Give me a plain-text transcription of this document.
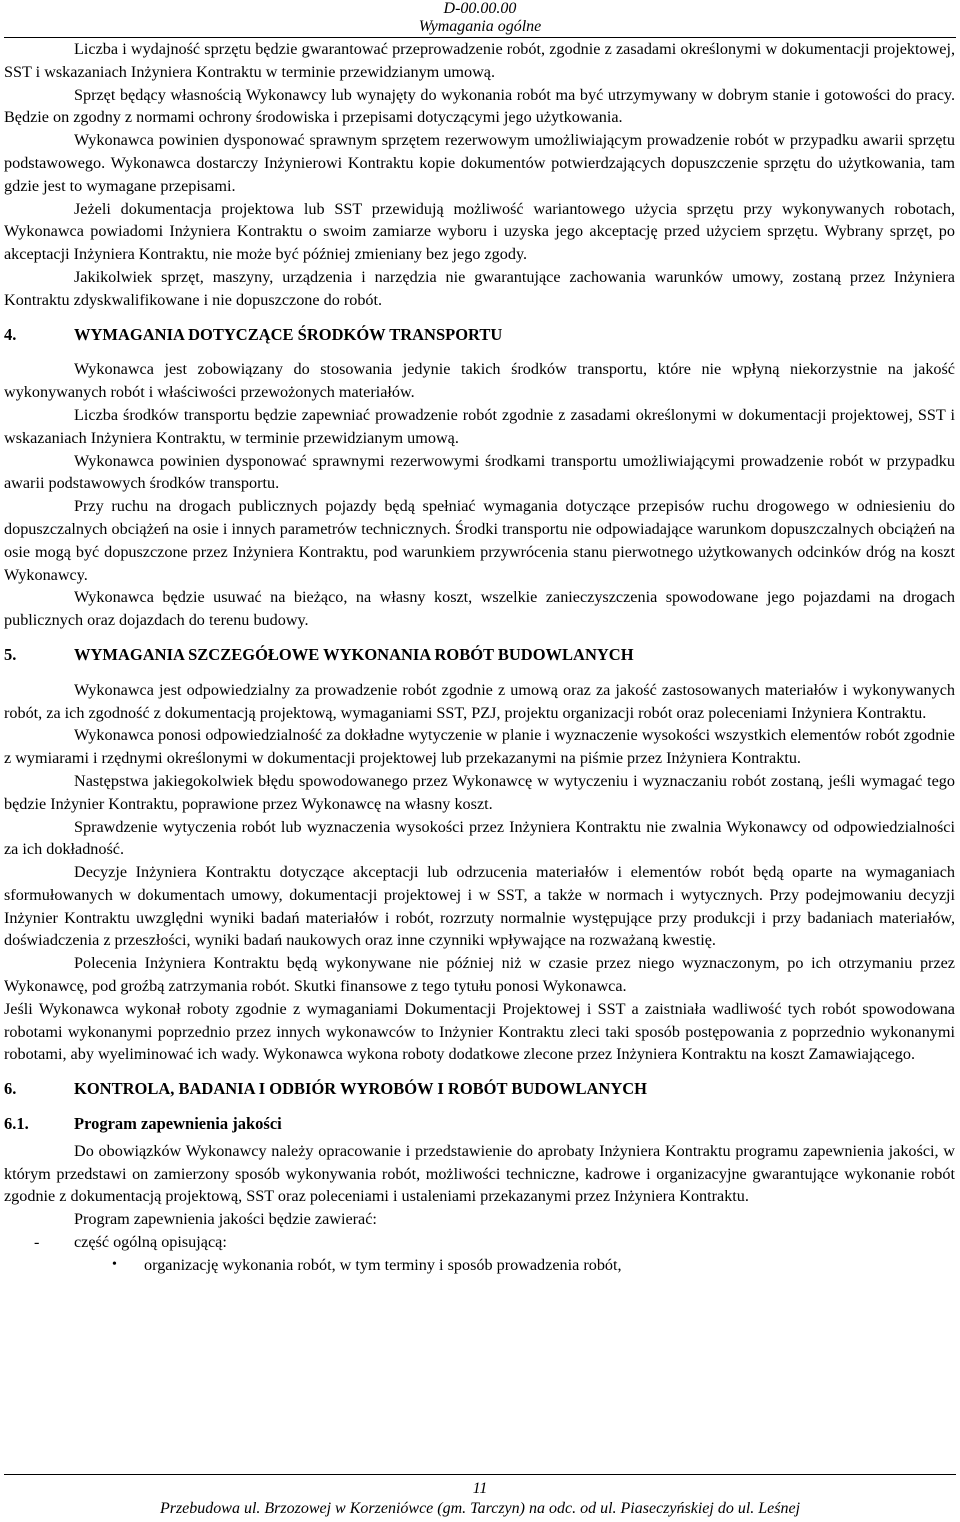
D-00.00.00
Wymagania ogólne

Liczba i wydajność sprzętu będzie gwarantować przeprowadzenie robót, zgodnie z zasadami określonymi w dokumentacji projektowej, SST i wskazaniach Inżyniera Kontraktu w terminie przewidzianym umową.

Sprzęt będący własnością Wykonawcy lub wynajęty do wykonania robót ma być utrzymywany w dobrym stanie i gotowości do pracy. Będzie on zgodny z normami ochrony środowiska i przepisami dotyczącymi jego użytkowania.

Wykonawca powinien dysponować sprawnym sprzętem rezerwowym umożliwiającym prowadzenie robót w przypadku awarii sprzętu podstawowego. Wykonawca dostarczy Inżynierowi Kontraktu kopie dokumentów potwierdzających dopuszczenie sprzętu do użytkowania, tam gdzie jest to wymagane przepisami.

Jeżeli dokumentacja projektowa lub SST przewidują możliwość wariantowego użycia sprzętu przy wykonywanych robotach, Wykonawca powiadomi Inżyniera Kontraktu o swoim zamiarze wyboru i uzyska jego akceptację przed użyciem sprzętu. Wybrany sprzęt, po akceptacji Inżyniera Kontraktu, nie może być później zmieniany bez jego zgody.

Jakikolwiek sprzęt, maszyny, urządzenia i narzędzia nie gwarantujące zachowania warunków umowy, zostaną przez Inżyniera Kontraktu zdyskwalifikowane i nie dopuszczone do robót.

4.	WYMAGANIA DOTYCZĄCE ŚRODKÓW TRANSPORTU

Wykonawca jest zobowiązany do stosowania jedynie takich środków transportu, które nie wpłyną niekorzystnie na jakość wykonywanych robót i właściwości przewożonych materiałów.

Liczba środków transportu będzie zapewniać prowadzenie robót zgodnie z zasadami określonymi w dokumentacji projektowej, SST i wskazaniach Inżyniera Kontraktu, w terminie przewidzianym umową.

Wykonawca powinien dysponować sprawnymi rezerwowymi środkami transportu umożliwiającymi prowadzenie robót w przypadku awarii podstawowych środków transportu.

Przy ruchu na drogach publicznych pojazdy będą spełniać wymagania dotyczące przepisów ruchu drogowego w odniesieniu do dopuszczalnych obciążeń na osie i innych parametrów technicznych. Środki transportu nie odpowiadające warunkom dopuszczalnych obciążeń na osie mogą być dopuszczone przez Inżyniera Kontraktu, pod warunkiem przywrócenia stanu pierwotnego użytkowanych odcinków dróg na koszt Wykonawcy.

Wykonawca będzie usuwać na bieżąco, na własny koszt, wszelkie zanieczyszczenia spowodowane jego pojazdami na drogach publicznych oraz dojazdach do terenu budowy.

5.	WYMAGANIA SZCZEGÓŁOWE WYKONANIA ROBÓT BUDOWLANYCH

Wykonawca jest odpowiedzialny za prowadzenie robót zgodnie z umową oraz za jakość zastosowanych materiałów i wykonywanych robót, za ich zgodność z dokumentacją projektową, wymaganiami SST, PZJ, projektu organizacji robót oraz poleceniami Inżyniera Kontraktu.

Wykonawca ponosi odpowiedzialność za dokładne wytyczenie w planie i wyznaczenie wysokości wszystkich elementów robót zgodnie z wymiarami i rzędnymi określonymi w dokumentacji projektowej lub przekazanymi na piśmie przez Inżyniera Kontraktu.

Następstwa jakiegokolwiek błędu spowodowanego przez Wykonawcę w wytyczeniu i wyznaczaniu robót zostaną, jeśli wymagać tego będzie Inżynier Kontraktu, poprawione przez Wykonawcę na własny koszt.

Sprawdzenie wytyczenia robót lub wyznaczenia wysokości przez Inżyniera Kontraktu nie zwalnia Wykonawcy od odpowiedzialności za ich dokładność.

Decyzje Inżyniera Kontraktu dotyczące akceptacji lub odrzucenia materiałów i elementów robót będą oparte na wymaganiach sformułowanych w dokumentach umowy, dokumentacji projektowej i w SST, a także w normach i wytycznych. Przy podejmowaniu decyzji Inżynier Kontraktu uwzględni wyniki badań materiałów i robót, rozrzuty normalnie występujące przy produkcji i przy badaniach materiałów, doświadczenia z przeszłości, wyniki badań naukowych oraz inne czynniki wpływające na rozważaną kwestię.

Polecenia Inżyniera Kontraktu będą wykonywane nie później niż w czasie przez niego wyznaczonym, po ich otrzymaniu przez Wykonawcę, pod groźbą zatrzymania robót. Skutki finansowe z tego tytułu ponosi Wykonawca.

Jeśli Wykonawca wykonał roboty zgodnie z wymaganiami Dokumentacji Projektowej i SST a zaistniała wadliwość tych robót spowodowana robotami wykonanymi poprzednio przez innych wykonawców to Inżynier Kontraktu zleci taki sposób postępowania z poprzednio wykonanymi robotami, aby wyeliminować ich wady. Wykonawca wykona roboty dodatkowe zlecone przez Inżyniera Kontraktu na koszt Zamawiającego.

6.	KONTROLA, BADANIA I ODBIÓR WYROBÓW I ROBÓT BUDOWLANYCH
6.1.	Program zapewnienia jakości

Do obowiązków Wykonawcy należy opracowanie i przedstawienie do aprobaty Inżyniera Kontraktu programu zapewnienia jakości, w którym przedstawi on zamierzony sposób wykonywania robót, możliwości techniczne, kadrowe i organizacyjne gwarantujące wykonanie robót zgodnie z dokumentacją projektową, SST oraz poleceniami i ustaleniami przekazanymi przez Inżyniera Kontraktu.

Program zapewnienia jakości będzie zawierać:

-	część ogólną opisującą:
•	organizację wykonania robót, w tym terminy i sposób prowadzenia robót,
11
Przebudowa ul. Brzozowej w Korzeniówce (gm. Tarczyn) na odc. od ul. Piaseczyńskiej do ul. Leśnej
